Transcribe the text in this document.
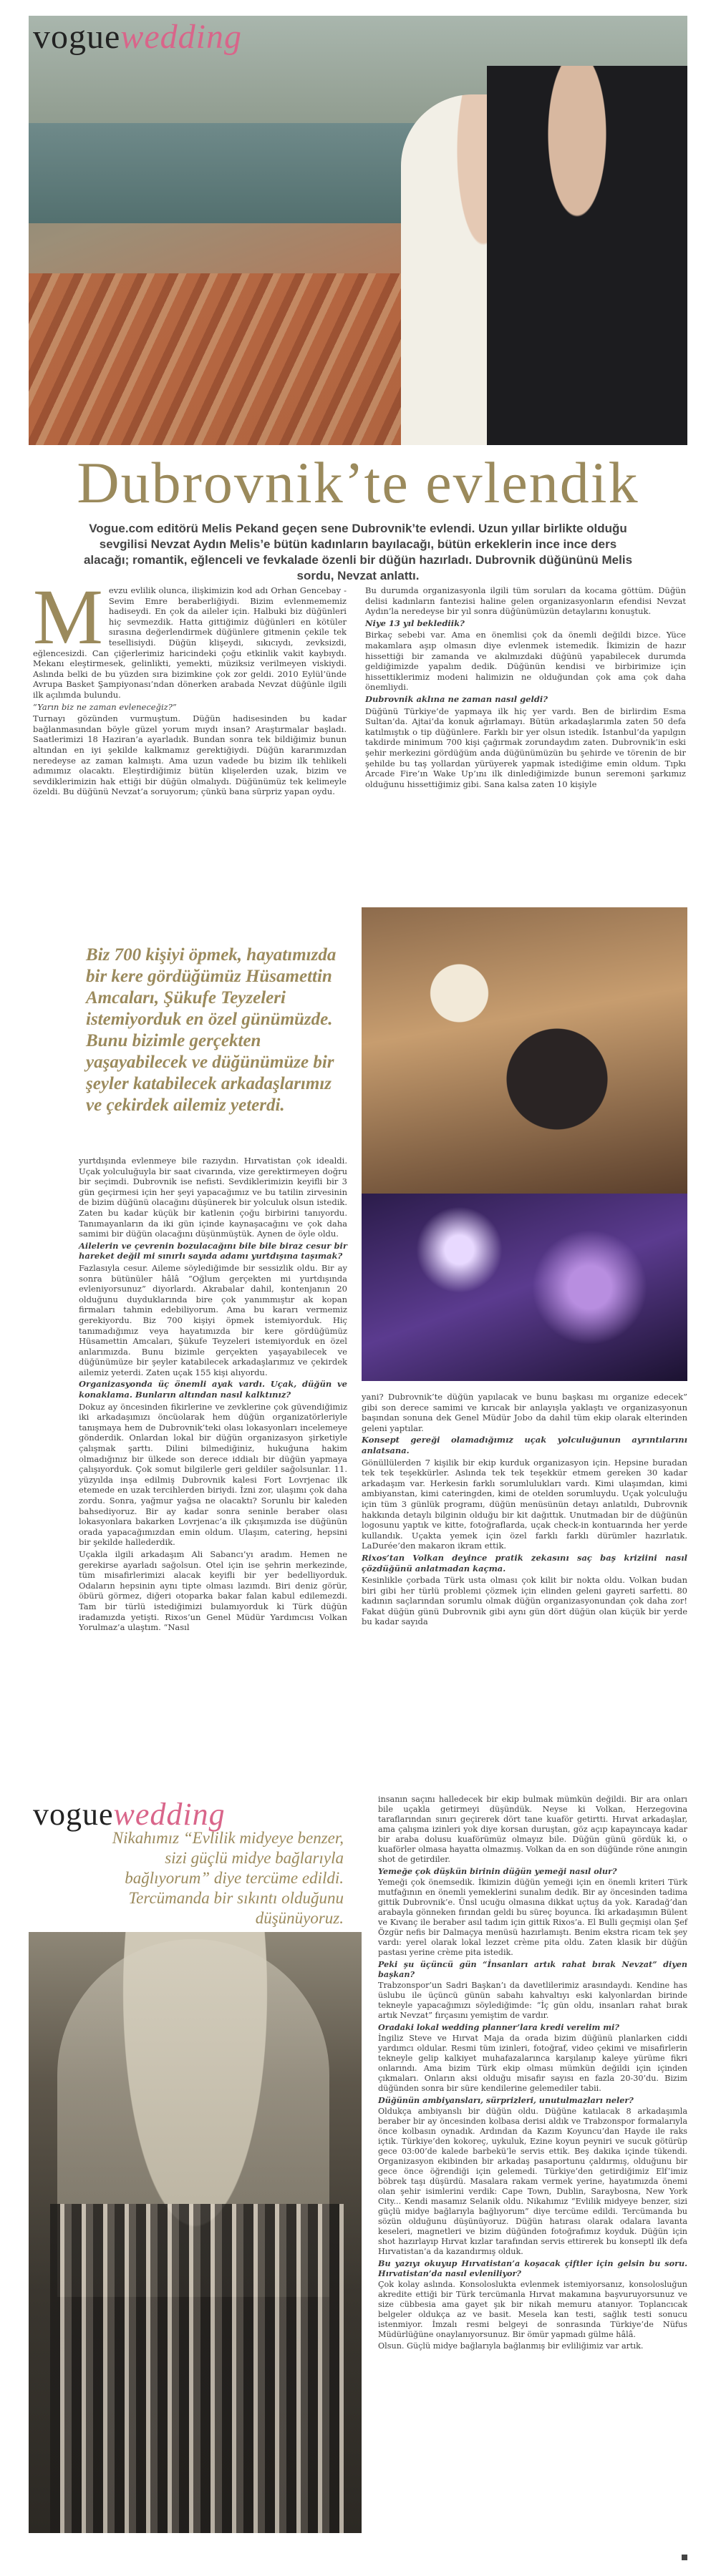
voguewedding
Dubrovnik’te evlendik
Vogue.com editörü Melis Pekand geçen sene Dubrovnik’te evlendi. Uzun yıllar birlikte olduğu sevgilisi Nevzat Aydın Melis’e bütün kadınların bayılacağı, bütün erkeklerin ince ince ders alacağı; romantik, eğlenceli ve fevkalade özenli bir düğün hazırladı. Dubrovnik düğününü Melis sordu, Nevzat anlattı.

Mevzu evlilik olunca, ilişkimizin kod adı Orhan Gencebay - Sevim Emre beraberliğiydi. Bizim evlenmememiz hadiseydi. En çok da aileler için. Halbuki biz düğünleri hiç sevmezdik. Hatta gittiğimiz düğünleri en kötüler sırasına değerlendirmek düğünlere gitmenin çekile tek tesellisiydi. Düğün klişeydi, sıkıcıydı, zevksizdi, eğlencesizdi. Can çiğerlerimiz haricindeki çoğu etkinlik vakit kaybıydı. Mekanı eleştirmesek, gelinlikti, yemekti, müziksiz verilmeyen viskiydi. Aslında belki de bu yüzden sıra bizimkine çok zor geldi. 2010 Eylül’ünde Avrupa Basket Şampiyonası’ndan dönerken arabada Nevzat düğünle ilgili ilk açılımda bulundu.

“Yarın biz ne zaman evleneceğiz?”

Turnayı gözünden vurmuştum. Düğün hadisesinden bu kadar bağlanmasından böyle güzel yorum mıydı insan? Araştırmalar başladı. Saatlerimizi 18 Haziran’a ayarladık. Bundan sonra tek bildiğimiz bunun altından en iyi şekilde kalkmamız gerektiğiydi. Düğün kararımızdan neredeyse az zaman kalmıştı. Ama uzun vadede bu bizim ilk tehlikeli adımımız olacaktı. Eleştirdiğimiz bütün klişelerden uzak, bizim ve sevdiklerimizin hak ettiği bir düğün olmalıydı. Düğünümüz tek kelimeyle özeldi. Bu düğünü Nevzat’a soruyorum; çünkü bana sürpriz yapan oydu.

Bu durumda organizasyonla ilgili tüm soruları da kocama göttüm. Düğün delisi kadınların fantezisi haline gelen organizasyonların efendisi Nevzat Aydın’la neredeyse bir yıl sonra düğünümüzün detaylarını konuştuk.

Niye 13 yıl beklediik?

Birkaç sebebi var. Ama en önemlisi çok da önemli değildi bizce. Yüce makamlara aşıp olmasın diye evlenmek istemedik. İkimizin de hazır hissettiği bir zamanda ve akılmızdaki düğünü yapabilecek durumda geldiğimizde yapalım dedik. Düğünün kendisi ve birbirimize için hissettiklerimiz modeni halimizin ne olduğundan çok ama çok daha önemliydi.

Dubrovnik aklına ne zaman nasıl geldi?

Düğünü Türkiye’de yapmaya ilk hiç yer vardı. Ben de birlirdim Esma Sultan’da. Ajtai’da konuk ağırlamayı. Bütün arkadaşlarımla zaten 50 defa katılmıştık o tip düğünlere. Farklı bir yer olsun istedik. İstanbul’da yapılgın takdirde minimum 700 kişi çağırmak zorundaydım zaten. Dubrovnik’in eski şehir merkezini gördüğüm anda düğünümüzün bu şehirde ve törenin de bir şehilde bu taş yollardan yürüyerek yapmak istediğime emin oldum. Tıpkı Arcade Fire’ın Wake Up’ını ilk dinlediğimizde bunun seremoni şarkımız olduğunu hissettiğimiz gibi. Sana kalsa zaten 10 kişiyle

Biz 700 kişiyi öpmek, hayatımızda bir kere gördüğümüz Hüsamettin Amcaları, Şükufe Teyzeleri istemiyorduk en özel günümüzde. Bunu bizimle gerçekten yaşayabilecek ve düğünümüze bir şeyler katabilecek arkadaşlarımız ve çekirdek ailemiz yeterdi.

yurtdışında evlenmeye bile razıydın. Hırvatistan çok idealdi. Uçak yolculuğuyla bir saat civarında, vize gerektirmeyen doğru bir seçimdi. Dubrovnik ise nefisti. Sevdiklerimizin keyifli bir 3 gün geçirmesi için her şeyi yapacağımız ve bu tatilin zirvesinin de bizim düğünü olacağını düşünerek bir yolculuk olsun istedik. Zaten bu kadar küçük bir katlenin çoğu birbirini tanıyordu. Tanımayanların da iki gün içinde kaynaşacağını ve çok daha samimi bir düğün olacağını düşünmüştük. Aynen de öyle oldu.

Ailelerin ve çevrenin bozulacağını bile bile biraz cesur bir hareket değil mi sınırlı sayıda adamı yurtdışına taşımak?

Fazlasıyla cesur. Aileme söylediğimde bir sessizlik oldu. Bir ay sonra bütünüler hâlâ “Oğlum gerçekten mi yurtdışında evleniyorsunuz” diyorlardı. Akrabalar dahil, kontenjanın 20 olduğunu duyduklarında bire çok yanımmıştır ak kopan firmaları tahmin edebiliyorum. Ama bu kararı vermemiz gerekiyordu. Biz 700 kişiyi öpmek istemiyorduk. Hiç tanımadığımız veya hayatımızda bir kere gördüğümüz Hüsamettin Amcaları, Şükufe Teyzeleri istemiyorduk en özel anlarımızda. Bunu bizimle gerçekten yaşayabilecek ve düğünümüze bir şeyler katabilecek arkadaşlarımız ve çekirdek ailemiz yeterdi. Zaten uçak 155 kişi alıyordu.

Organizasyonda üç önemli ayak vardı. Uçak, düğün ve konaklama. Bunların altından nasıl kalktınız?

Dokuz ay öncesinden fikirlerine ve zevklerine çok güvendiğimiz iki arkadaşımızı öncüolarak hem düğün organizatörleriyle tanışmaya hem de Dubrovnik’teki olası lokasyonları incelemeye gönderdik. Onlardan lokal bir düğün organizasyon şirketiyle çalışmak şarttı. Dilini bilmediğiniz, hukuğuna hakim olmadığınız bir ülkede son derece iddialı bir düğün yapmaya çalışıyorduk. Çok somut bilgilerle geri geldiler sağolsunlar. 11. yüzyılda inşa edilmiş Dubrovnik kalesi Fort Lovrjenac ilk etemede en uzak tercihlerden biriydi. İzni zor, ulaşımı çok daha zordu. Sonra, yağmur yağsa ne olacaktı? Sorunlu bir kaleden bahsediyoruz. Bir ay kadar sonra seninle beraber olası lokasyonlara bakarken Lovrjenac’a ilk çıkışımızda ise düğünün orada yapacağımızdan emin oldum. Ulaşım, catering, hepsini bir şekilde hallederdik.

Uçakla ilgili arkadaşım Ali Sabancı’yı aradım. Hemen ne gerekirse ayarladı sağolsun. Otel için ise şehrin merkezinde, tüm misafirlerimizi alacak keyifli bir yer bedelliyorduk. Odaların hepsinin aynı tipte olması lazımdı. Biri deniz görür, öbürü görmez, diğeri otoparka bakar falan kabul edilemezdi. Tam bir türlü istediğimizi bulamıyorduk ki Türk düğün iradamızda yetişti. Rixos’un Genel Müdür Yardımcısı Volkan Yorulmaz’a ulaştım. “Nasıl

yani? Dubrovnik’te düğün yapılacak ve bunu başkası mı organize edecek” gibi son derece samimi ve kırıcak bir anlayışla yaklaştı ve organizasyonun başından sonuna dek Genel Müdür Jobo da dahil tüm ekip olarak elterinden geleni yaptılar.

Konsept gereği olamadığımız uçak yolculuğunun ayrıntılarını anlatsana.

Gönüllülerden 7 kişilik bir ekip kurduk organizasyon için. Hepsine buradan tek tek teşekkürler. Aslında tek tek teşekkür etmem gereken 30 kadar arkadaşım var. Herkesin farklı sorumlulukları vardı. Kimi ulaşımdan, kimi ambiyanstan, kimi cateringden, kimi de otelden sorumluydu. Uçak yolculuğu için tüm 3 günlük programı, düğün menüsünün detayı anlatıldı, Dubrovnik hakkında detaylı bilginin olduğu bir kit dağıttık. Unutmadan bir de düğünün logosunu yaptık ve kitte, fotoğraflarda, uçak check-in kontuarında her yerde kullandık. Uçakta yemek için özel farklı farklı dürümler hazırlatık. LaDurée’den makaron ikram ettik.

Rixos’tan Volkan deyince pratik zekasını saç baş kriziini nasıl çözdüğünü anlatmadan kaçma.

Kesinlikle çorbada Türk usta olması çok kilit bir nokta oldu. Volkan budan biri gibi her türlü problemi çözmek için elinden geleni gayreti sarfetti. 80 kadının saçlarından sorumlu olmak düğün organizasyonundan çok daha zor! Fakat düğün günü Dubrovnik gibi aynı gün dört düğün olan küçük bir yerde bu kadar sayıda

voguewedding
Nikahımız “Evlilik midyeye benzer, sizi güçlü midye bağlarıyla bağlıyorum” diye tercüme edildi. Tercümanda bir sıkıntı olduğunu düşünüyoruz.

insanın saçını halledecek bir ekip bulmak mümkün değildi. Bir ara onları bile uçakla getirmeyi düşündük. Neyse ki Volkan, Herzegovina taraflarından sınırı geçirerek dört tane kuaför getirtti. Hırvat arkadaşlar, ama çalışma izinleri yok diye korsan duruştan, göz açıp kapayıncaya kadar bir araba dolusu kuaförümüz olmayız bile. Düğün günü gördük ki, o kuaförler olmasa hayatta olmazmış. Volkan da en son düğünde röne anıngin shot de getirdiler.

Yemeğe çok düşkün birinin düğün yemeği nasıl olur?

Yemeği çok önemsedik. İkimizin düğün yemeği için en önemli kriteri Türk mutfağının en önemli yemeklerini sunalım dedik. Bir ay öncesinden tadima gittik Dubrovnik’e. Ünsl ucuğu olmasına dikkat uçtuş da yok. Karadağ’dan arabayla gönneken fırından geldi bu süreç boyunca. İki arkadaşımın Bülent ve Kıvanç ile beraber asıl tadım için gittik Rixos’a. El Bulli geçmişi olan Şef Özgür nefis bir Dalmaçya menüsü hazırlamıştı. Benim ekstra ricam tek şey vardı: yerel olarak lokal lezzet crème pita oldu. Zaten klasik bir düğün pastası yerine crème pita istedik.

Peki şu üçüncü gün “İnsanları artık rahat bırak Nevzat” diyen başkan?

Trabzonspor’un Sadri Başkan’ı da davetlilerimiz arasındaydı. Kendine has üslubu ile üçüncü günün sabahı kahvaltıyı eski kalyonlardan birinde tekneyle yapacağımızı söylediğimde: “İç gün oldu, insanları rahat bırak artık Nevzat” fırçasını yemiştim de vardır.

Oradaki lokal wedding planner’lara kredi verelim mi?

İngiliz Steve ve Hırvat Maja da orada bizim düğünü planlarken ciddi yardımcı oldular. Resmi tüm izinleri, fotoğraf, video çekimi ve misafirlerin tekneyle gelip kalkiyet muhafazalarınca karşılanıp kaleye yürüme fikri onlarındı. Ama bizim Türk ekip olması mümkün değildi için içinden çıkmaları. Onların aksi olduğu misafir sayısı en fazla 20-30’du. Bizim düğünden sonra bir süre kendilerine gelemediler tabii.

Düğünün ambiyansları, sürprizleri, unutulmazları neler?

Oldukça ambiyanslı bir düğün oldu. Düğüne katılacak 8 arkadaşımla beraber bir ay öncesinden kolbasa derisi aldık ve Trabzonspor formalarıyla önce kolbasın oynadık. Ardından da Kazım Koyuncu’dan Hayde ile raks içtik. Türkiye’den kokoreç, uykuluk, Ezine koyun peyniri ve sucuk götürüp gece 03:00’de kalede barbekü’le servis ettik. Beş dakika içinde tükendi. Organizasyon ekibinden bir arkadaş pasaportunu çaldırmış, olduğunu bir gece önce öğrendiği için gelemedi. Türkiye’den getirdiğimiz Elf’imiz böbrek taşı düşürdü. Masalara rakam vermek yerine, hayatımızda önemi olan şehir isimlerini verdik: Cape Town, Dublin, Saraybosna, New York City... Kendi masamız Selanik oldu. Nikahımız “Evlilik midyeye benzer, sizi güçlü midye bağlarıyla bağlıyorum” diye tercüme edildi. Tercümanda bu sözün olduğunu düşünüyoruz. Düğün hatırası olarak odalara lavanta keseleri, magnetleri ve bizim düğünden fotoğrafımız koyduk. Düğün için shot hazırlayıp Hırvat kızlar tarafından servis ettirerek bu konseptl ilk defa Hırvatistan’a da kazandırmış olduk.

Bu yazıyı okuyup Hırvatistan’a koşacak çiftler için gelsin bu soru. Hırvatistan’da nasıl evleniliyor?

Çok kolay aslında. Konsoloslukta evlenmek istemiyorsanız, konsolosluğun akredite ettiği bir Türk tercümanla Hırvat makamına başvuruyorsunuz ve size cübbesia ama gayet şık bir nikah memuru atanıyor. Toplancıcak belgeler oldukça az ve basit. Mesela kan testi, sağlık testi sonucu istenmiyor. İmzalı resmi belgeyi de sonrasında Türkiye’de Nüfus Müdürlüğüne onaylanıyorsunuz. Bir ömür yapmadı gülme hâlâ.

Olsun. Güçlü midye bağlarıyla bağlanmış bir evliliğimiz var artık.
